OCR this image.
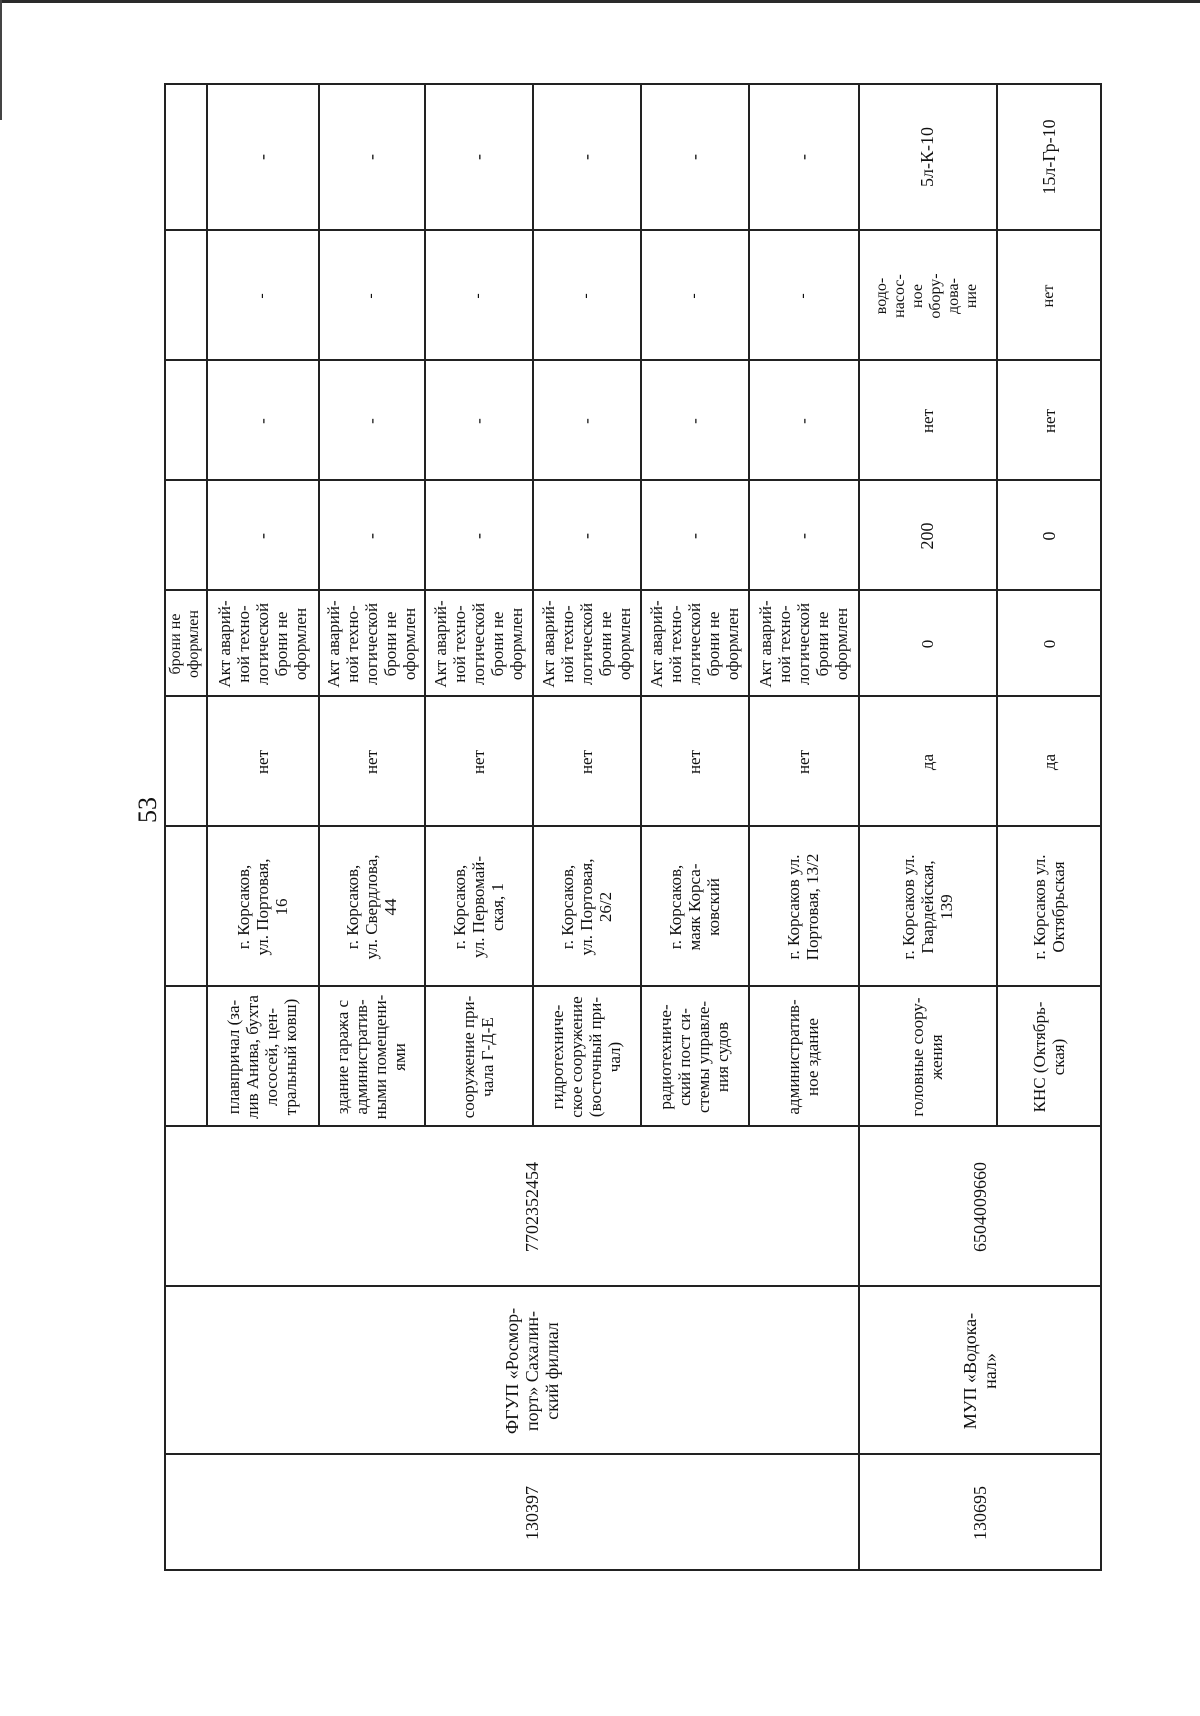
53
брони не
оформлен
плавпричал (за-
лив Анива, бухта
лососей, цен-
тральный ковш)
г. Корсаков,
ул. Портовая,
16
нет
Акт аварий-
ной техно-
логической
брони не
оформлен
-
-
-
-
здание гаража с
административ-
ными помещени-
ями
г. Корсаков,
ул. Свердлова,
44
нет
Акт аварий-
ной техно-
логической
брони не
оформлен
-
-
-
-
сооружение при-
чала Г-Д-Е
г. Корсаков,
ул. Первомай-
ская, 1
нет
Акт аварий-
ной техно-
логической
брони не
оформлен
-
-
-
-
гидротехниче-
ское сооружение
(восточный при-
чал)
г. Корсаков,
ул. Портовая,
26/2
нет
Акт аварий-
ной техно-
логической
брони не
оформлен
-
-
-
-
радиотехниче-
ский пост си-
стемы управле-
ния судов
г. Корсаков,
маяк Корса-
ковский
нет
Акт аварий-
ной техно-
логической
брони не
оформлен
-
-
-
-
административ-
ное здание
г. Корсаков ул.
Портовая, 13/2
нет
Акт аварий-
ной техно-
логической
брони не
оформлен
-
-
-
-
головные соору-
жения
г. Корсаков ул.
Гвардейская,
139
да
0
200
нет
водо-
насос-
ное
обору-
дова-
ние
5л-К-10
КНС (Октябрь-
ская)
г. Корсаков ул.
Октябрьская
да
0
0
нет
нет
15л-Гр-10
130397
ФГУП «Росмор-
порт» Сахалин-
ский филиал
7702352454
130695
МУП «Водока-
нал»
6504009660
